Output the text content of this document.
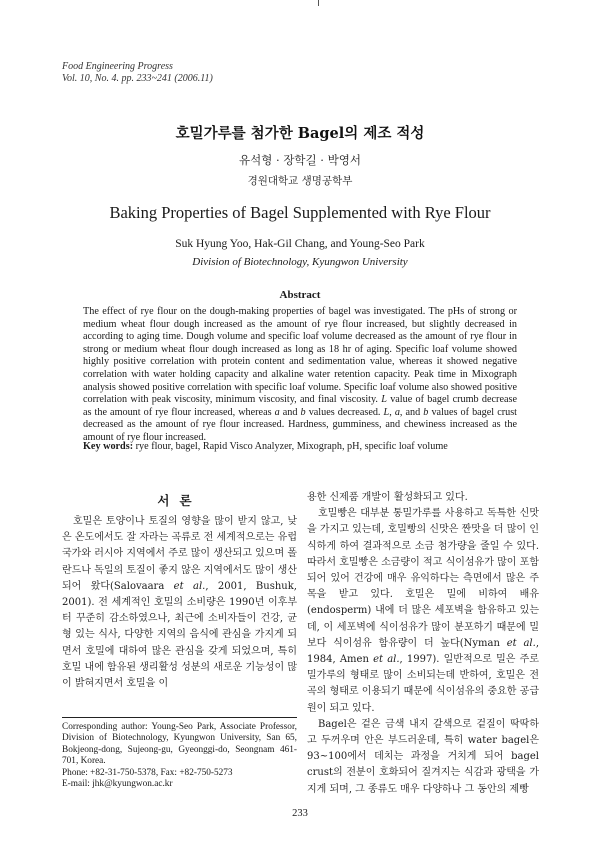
Food Engineering Progress
Vol. 10, No. 4. pp. 233~241 (2006.11)
호밀가루를 첨가한 Bagel의 제조 적성
유석형 · 장학길 · 박영서
경원대학교 생명공학부
Baking Properties of Bagel Supplemented with Rye Flour
Suk Hyung Yoo, Hak-Gil Chang, and Young-Seo Park
Division of Biotechnology, Kyungwon University
Abstract
The effect of rye flour on the dough-making properties of bagel was investigated. The pHs of strong or medium wheat flour dough increased as the amount of rye flour increased, but slightly decreased in according to aging time. Dough volume and specific loaf volume decreased as the amount of rye flour in strong or medium wheat flour dough increased as long as 18 hr of aging. Specific loaf volume showed highly positive correlation with protein content and sedimentation value, whereas it showed negative correlation with water holding capacity and alkaline water retention capacity. Peak time in Mixograph analysis showed positive correlation with specific loaf volume. Specific loaf volume also showed positive correlation with peak viscosity, minimum viscosity, and final viscosity. L value of bagel crumb decrease as the amount of rye flour increased, whereas a and b values decreased. L, a, and b values of bagel crust decreased as the amount of rye flour increased. Hardness, gumminess, and chewiness increased as the amount of rye flour increased.
Key words: rye flour, bagel, Rapid Visco Analyzer, Mixograph, pH, specific loaf volume
서론

호밀은 토양이나 토질의 영향을 많이 받지 않고, 낮은 온도에서도 잘 자라는 곡류로 전 세계적으로는 유럽국가와 러시아 지역에서 주로 많이 생산되고 있으며 폴란드나 독일의 토질이 좋지 않은 지역에서도 많이 생산되어 왔다(Salovaara et al., 2001, Bushuk, 2001). 전 세계적인 호밀의 소비량은 1990년 이후부터 꾸준히 감소하였으나, 최근에 소비자들이 건강, 균형 있는 식사, 다양한 지역의 음식에 관심을 가지게 되면서 호밀에 대하여 많은 관심을 갖게 되었으며, 특히 호밀 내에 함유된 생리활성 성분의 새로운 기능성이 많이 밝혀지면서 호밀을 이

용한 신제품 개발이 활성화되고 있다.

호밀빵은 대부분 통밀가루를 사용하고 독특한 신맛을 가지고 있는데, 호밀빵의 신맛은 짠맛을 더 많이 인식하게 하여 결과적으로 소금 첨가량을 줄일 수 있다. 따라서 호밀빵은 소금량이 적고 식이섬유가 많이 포함되어 있어 건강에 매우 유익하다는 측면에서 많은 주목을 받고 있다. 호밀은 밀에 비하여 배유(endosperm) 내에 더 많은 세포벽을 함유하고 있는데, 이 세포벽에 식이섬유가 많이 분포하기 때문에 밀보다 식이섬유 함유량이 더 높다(Nyman et al., 1984, Amen et al., 1997). 일반적으로 밀은 주로 밀가루의 형태로 많이 소비되는데 반하여, 호밀은 전곡의 형태로 이용되기 때문에 식이섬유의 중요한 공급원이 되고 있다.

Bagel은 겉은 금색 내지 갈색으로 겉질이 딱딱하고 두꺼우며 안은 부드러운데, 특히 water bagel은 93~100에서 데치는 과정을 거치게 되어 bagel crust의 전분이 호화되어 질겨지는 식감과 광택을 가지게 되며, 그 종류도 매우 다양하나 그 동안의 제빵

Corresponding author: Young-Seo Park, Associate Professor, Division of Biotechnology, Kyungwon University, San 65, Bokjeong-dong, Sujeong-gu, Gyeonggi-do, Seongnam 461-701, Korea.
Phone: +82-31-750-5378, Fax: +82-750-5273
E-mail: jhk@kyungwon.ac.kr
233
